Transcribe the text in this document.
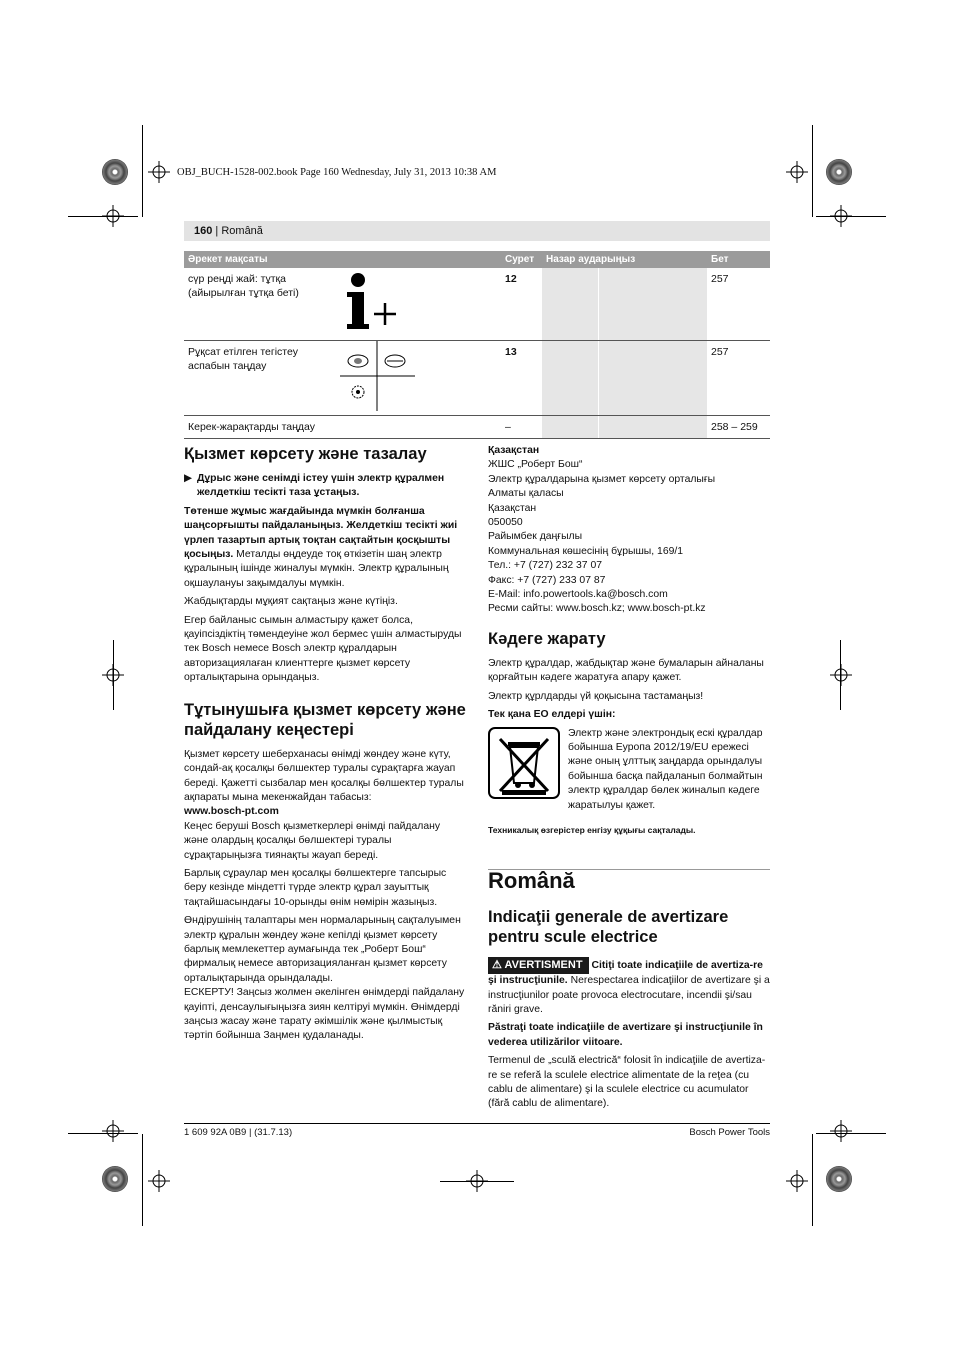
OBJ_BUCH-1528-002.book Page 160 Wednesday, July 31, 2013 10:38 AM
160 | Română
Әрекет мақсаты		Сурет	Назар аударыңыз		Бет
сүр рeңді жай: тұтқа (айырылған тұтқа беті)		12			257
Рұқсат етілген тегістеу аспабын таңдау		13			257
Керек-жарақтарды таңдау		–			258 – 259
Қызмет көрсету және тазалау

▶ Дұрыс және сенімді істеу үшін электр құралмен желдеткіш тесікті таза ұстаңыз.

Төтенше жұмыс жағдайында мүмкін болғанша шаңсорғышты пайдаланыңыз. Желдеткіш тесікті жиі үрлеп тазартып артық тоқтан сақтайтын қосқышты қосыңыз. Металды өңдеуде тоқ өткізетін шаң электр құралының ішінде жиналуы мүмкін. Электр құралының оқшаулануы зақымдалуы мүмкін.

Жабдықтарды мұқият сақтаңыз және күтіңіз.

Егер байланыс сымын алмастыру қажет болса, қауіпсіздіктің төмендеуіне жол бермес үшін алмастыруды тек Bosch немесе Bosch электр құралдарын авторизациялаған клиенттерге қызмет көрсету орталықтарына орындаңыз.

Тұтынушыға қызмет көрсету және пайдалану кеңестері

Қызмет көрсету шеберханасы өнімді жөндеу және күту, сондай-ақ қосалқы бөлшектер туралы сұрақтарға жауап береді. Қажетті сызбалар мен қосалқы бөлшектер туралы ақпараты мына мекенжайдан табасыз:

www.bosch-pt.com

Кеңес беруші Bosch қызметкерлері өнімді пайдалану және олардың қосалқы бөлшектері туралы сұрақтарыңызға тиянақты жауап береді.

Барлық сұраулар мен қосалқы бөлшектерге тапсырыс беру кезінде міндетті түрде электр құрал зауыттық тақтайшасындағы 10-орынды өнім нөмірін жазыңыз.

Өндірушінің талаптары мен нормаларының сақталуымен электр құралын жөндеу және кепілді қызмет көрсету барлық мемлекеттер аумағында тек „Роберт Бош“ фирмалық немесе авторизацияланған қызмет көрсету орталықтарында орындалады.

ЕСКЕРТУ! Заңсыз жолмен әкелінген өнімдерді пайдалану қауіпті, денсаулығыңызға зиян келтіруі мүмкін. Өнімдерді заңсыз жасау және тарату әкімшілік және қылмыстық тәртіп бойынша Заңмен қудаланады.

Қазақстан
ЖШС „Роберт Бош“
Электр құралдарына қызмет көрсету орталығы
Алматы қаласы
Қазақстан
050050
Райымбек даңғылы
Коммунальная көшесінің бұрышы, 169/1
Тел.: +7 (727) 232 37 07
Факс: +7 (727) 233 07 87
E-Mail: info.powertools.ka@bosch.com
Ресми сайты: www.bosch.kz; www.bosch-pt.kz
Кәдеге жарату

Электр құралдар, жабдықтар және бумаларын айналаны қорғайтын кәдеге жаратуға апару қажет.

Электр құрлдарды үй қоқысына тастамаңыз!

Тек қана ЕО елдері үшін:

Электр және электрондық ескі құралдар бойынша Еуропа 2012/19/EU ережесі және оның ұлттық заңдарда орындалуы бойынша басқа пайдаланып болмайтын электр құралдар бөлек жиналып кәдеге жаратылуы қажет.

Техникалық өзгерістер енгізу құқығы сақталады.

Română
Indicaţii generale de avertizare pentru scule electrice

⚠ AVERTISMENT Citiţi toate indicaţiile de avertiza-re şi instrucţiunile. Nerespectarea indicaţiilor de avertizare şi a instrucţiunilor poate provoca electrocutare, incendii şi/sau răniri grave.

Păstraţi toate indicaţiile de avertizare şi instrucţiunile în vederea utilizărilor viitoare.

Termenul de „sculă electrică“ folosit în indicaţiile de avertiza-re se referă la sculele electrice alimentate de la reţea (cu cablu de alimentare) şi la sculele electrice cu acumulator (fără cablu de alimentare).

1 609 92A 0B9 | (31.7.13)	Bosch Power Tools
